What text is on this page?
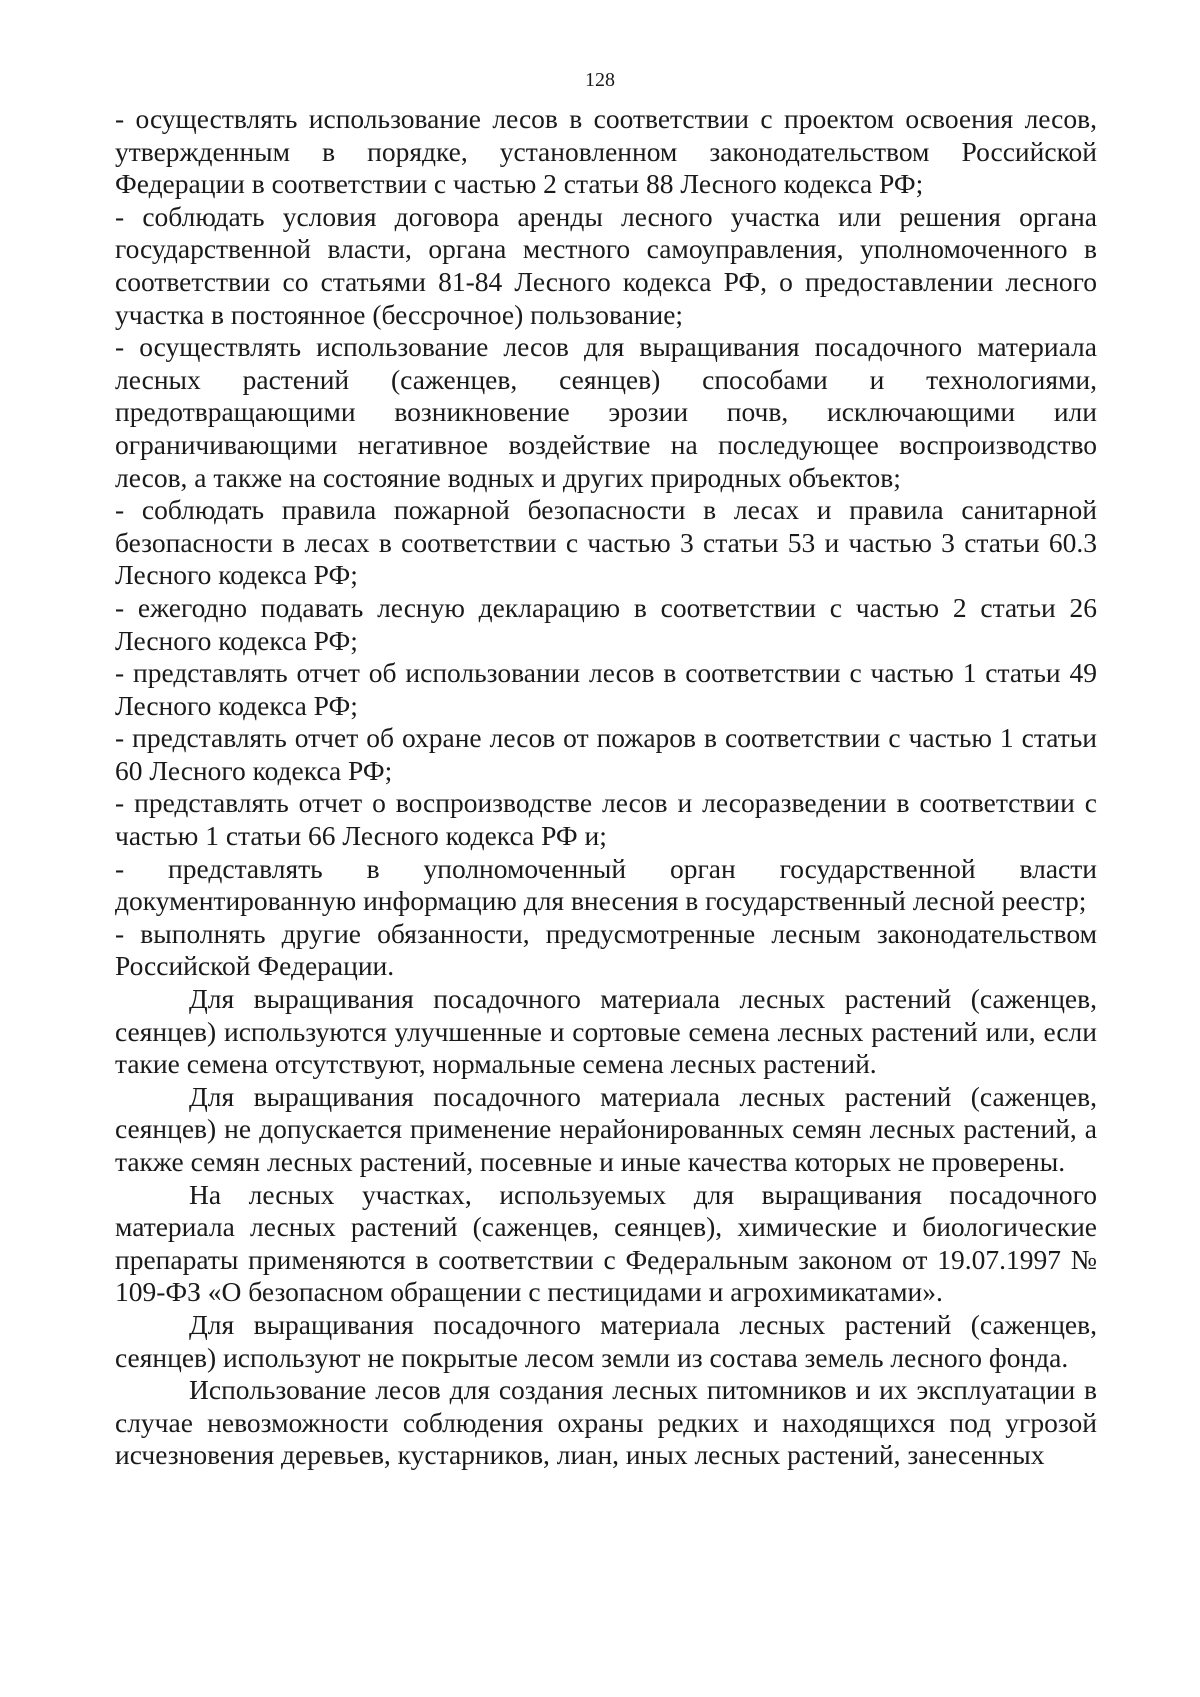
128

- осуществлять использование лесов в соответствии с проектом освоения лесов, утвержденным в порядке, установленном законодательством Российской Федерации в соответствии с частью 2 статьи 88 Лесного кодекса РФ;

- соблюдать условия договора аренды лесного участка или решения органа государственной власти, органа местного самоуправления, уполномоченного в соответствии со статьями 81-84 Лесного кодекса РФ, о предоставлении лесного участка в постоянное (бессрочное) пользование;

- осуществлять использование лесов для выращивания посадочного материала лесных растений (саженцев, сеянцев) способами и технологиями, предотвращающими возникновение эрозии почв, исключающими или ограничивающими негативное воздействие на последующее воспроизводство лесов, а также на состояние водных и других природных объектов;

- соблюдать правила пожарной безопасности в лесах и правила санитарной безопасности в лесах в соответствии с частью 3 статьи 53 и частью 3 статьи 60.3 Лесного кодекса РФ;

- ежегодно подавать лесную декларацию в соответствии с частью 2 статьи 26 Лесного кодекса РФ;

- представлять отчет об использовании лесов в соответствии с частью 1 статьи 49 Лесного кодекса РФ;

- представлять отчет об охране лесов от пожаров в соответствии с частью 1 статьи 60 Лесного кодекса РФ;

- представлять отчет о воспроизводстве лесов и лесоразведении в соответствии с частью 1 статьи 66 Лесного кодекса РФ и;

- представлять в уполномоченный орган государственной власти документированную информацию для внесения в государственный лесной реестр;

- выполнять другие обязанности, предусмотренные лесным законодательством Российской Федерации.

Для выращивания посадочного материала лесных растений (саженцев, сеянцев) используются улучшенные и сортовые семена лесных растений или, если такие семена отсутствуют, нормальные семена лесных растений.

Для выращивания посадочного материала лесных растений (саженцев, сеянцев) не допускается применение нерайонированных семян лесных растений, а также семян лесных растений, посевные и иные качества которых не проверены.

На лесных участках, используемых для выращивания посадочного материала лесных растений (саженцев, сеянцев), химические и биологические препараты применяются в соответствии с Федеральным законом от 19.07.1997 № 109-ФЗ «О безопасном обращении с пестицидами и агрохимикатами».

Для выращивания посадочного материала лесных растений (саженцев, сеянцев) используют не покрытые лесом земли из состава земель лесного фонда.

Использование лесов для создания лесных питомников и их эксплуатации в случае невозможности соблюдения охраны редких и находящихся под угрозой исчезновения деревьев, кустарников, лиан, иных лесных растений, занесенных
